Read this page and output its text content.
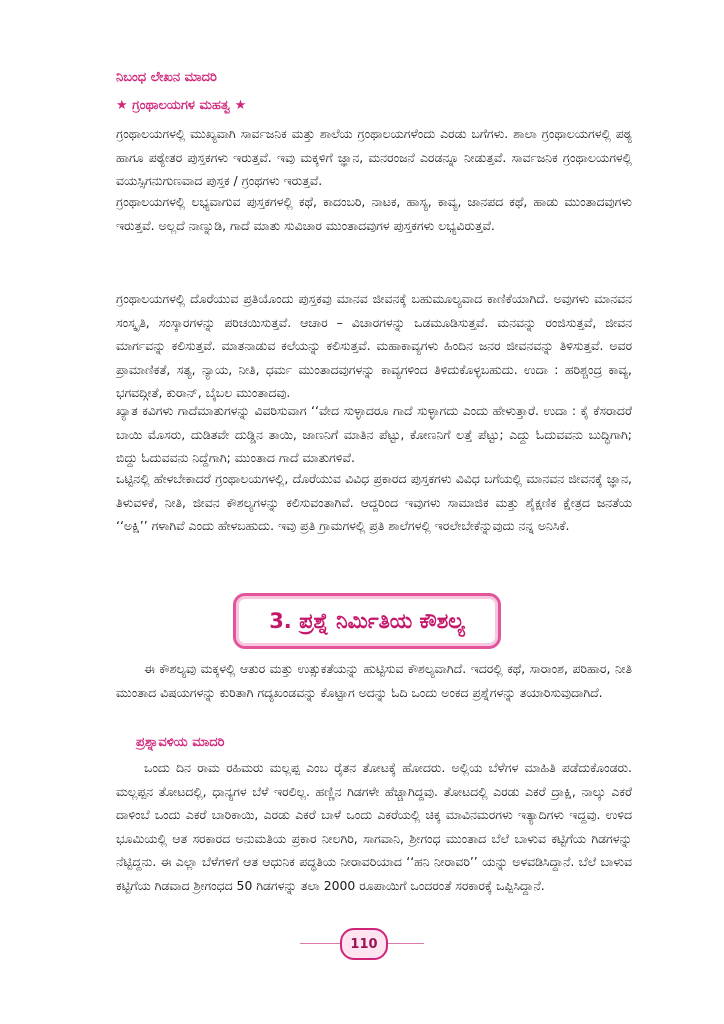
ನಿಬಂಧ ಲೇಖನ ಮಾದರಿ
★ ಗ್ರಂಥಾಲಯಗಳ ಮಹತ್ವ ★

ಗ್ರಂಥಾಲಯಗಳಲ್ಲಿ ಮುಖ್ಯವಾಗಿ ಸಾರ್ವಜನಿಕ ಮತ್ತು ಶಾಲೆಯ ಗ್ರಂಥಾಲಯಗಳೆಂದು ಎರಡು ಬಗೆಗಳು. ಶಾಲಾ ಗ್ರಂಥಾಲಯಗಳಲ್ಲಿ ಪಠ್ಯ ಹಾಗೂ ಪಠ್ಯೇತರ ಪುಸ್ತಕಗಳು ಇರುತ್ತವೆ. ಇವು ಮಕ್ಕಳಿಗೆ ಜ್ಞಾನ, ಮನರಂಜನೆ ಎರಡನ್ನೂ ನೀಡುತ್ತವೆ. ಸಾರ್ವಜನಿಕ ಗ್ರಂಥಾಲಯಗಳಲ್ಲಿ ವಯಸ್ಸಿಗನುಗುಣವಾದ ಪುಸ್ತಕ / ಗ್ರಂಥಗಳು ಇರುತ್ತವೆ.

ಗ್ರಂಥಾಲಯಗಳಲ್ಲಿ ಲಭ್ಯವಾಗುವ ಪುಸ್ತಕಗಳಲ್ಲಿ ಕಥೆ, ಕಾದಂಬರಿ, ನಾಟಕ, ಹಾಸ್ಯ, ಕಾವ್ಯ, ಜಾನಪದ ಕಥೆ, ಹಾಡು ಮುಂತಾದವುಗಳು ಇರುತ್ತವೆ. ಅಲ್ಲದೆ ನಾಣ್ನುಡಿ, ಗಾದೆ ಮಾತು ಸುವಿಚಾರ ಮುಂತಾದವುಗಳ ಪುಸ್ತಕಗಳು ಲಭ್ಯವಿರುತ್ತವೆ.

ಗ್ರಂಥಾಲಯಗಳಲ್ಲಿ ದೊರೆಯುವ ಪ್ರತಿಯೊಂದು ಪುಸ್ತಕವು ಮಾನವ ಜೀವನಕ್ಕೆ ಬಹುಮೂಲ್ಯವಾದ ಕಾಣಿಕೆಯಾಗಿದೆ. ಅವುಗಳು ಮಾನವನ ಸಂಸ್ಕೃತಿ, ಸಂಸ್ಕಾರಗಳನ್ನು ಪರಿಚಯಿಸುತ್ತವೆ. ಆಚಾರ – ವಿಚಾರಗಳನ್ನು ಒಡಮೂಡಿಸುತ್ತವೆ. ಮನವನ್ನು ರಂಜಿಸುತ್ತವೆ, ಜೀವನ ಮಾರ್ಗವನ್ನು ಕಲಿಸುತ್ತವೆ. ಮಾತನಾಡುವ ಕಲೆಯನ್ನು ಕಲಿಸುತ್ತವೆ. ಮಹಾಕಾವ್ಯಗಳು ಹಿಂದಿನ ಜನರ ಜೀವನವನ್ನು ತಿಳಿಸುತ್ತವೆ. ಅವರ ಪ್ರಾಮಾಣಿಕತೆ, ಸತ್ಯ, ನ್ಯಾಯ, ನೀತಿ, ಧರ್ಮ ಮುಂತಾದವುಗಳನ್ನು ಕಾವ್ಯಗಳಿಂದ ತಿಳಿದುಕೊಳ್ಳಬಹುದು. ಉದಾ : ಹರಿಶ್ಚಂದ್ರ ಕಾವ್ಯ, ಭಗವದ್ಗೀತೆ, ಕುರಾನ್, ಬೈಬಲ ಮುಂತಾದವು.

ಖ್ಯಾತ ಕವಿಗಳು ಗಾದೆಮಾತುಗಳನ್ನು ವಿವರಿಸುವಾಗ ‘‘ವೇದ ಸುಳ್ಳಾದರೂ ಗಾದೆ ಸುಳ್ಳಾಗದು ಎಂದು ಹೇಳುತ್ತಾರೆ. ಉದಾ : ಕೈ ಕೆಸರಾದರೆ ಬಾಯಿ ಮೊಸರು, ದುಡಿತವೇ ದುಡ್ಡಿನ ತಾಯಿ, ಜಾಣನಿಗೆ ಮಾತಿನ ಪೆಟ್ಟು, ಕೋಣನಿಗೆ ಲತ್ತೆ ಪೆಟ್ಟು; ಎದ್ದು ಓದುವವನು ಬುದ್ಧಿಗಾಗಿ; ಬಿದ್ದು ಓದುವವನು ನಿದ್ದೆಗಾಗಿ; ಮುಂತಾದ ಗಾದೆ ಮಾತುಗಳಿವೆ.

ಒಟ್ಟಿನಲ್ಲಿ ಹೇಳಬೇಕಾದರೆ ಗ್ರಂಥಾಲಯಗಳಲ್ಲಿ, ದೊರೆಯುವ ವಿವಿಧ ಪ್ರಕಾರದ ಪುಸ್ತಕಗಳು ವಿವಿಧ ಬಗೆಯಲ್ಲಿ ಮಾನವನ ಜೀವನಕ್ಕೆ ಜ್ಞಾನ, ತಿಳುವಳಿಕೆ, ನೀತಿ, ಜೀವನ ಕೌಶಲ್ಯಗಳನ್ನು ಕಲಿಸುವಂತಾಗಿವೆ. ಆದ್ದರಿಂದ ಇವುಗಳು ಸಾಮಾಜಿಕ ಮತ್ತು ಶೈಕ್ಷಣಿಕ ಕ್ಷೇತ್ರದ ಜನತೆಯ ‘‘ಅಕ್ಷಿ’’ ಗಳಾಗಿವೆ ಎಂದು ಹೇಳಬಹುದು. ಇವು ಪ್ರತಿ ಗ್ರಾಮಗಳಲ್ಲಿ ಪ್ರತಿ ಶಾಲೆಗಳಲ್ಲಿ ಇರಲೇಬೇಕೆನ್ನುವುದು ನನ್ನ ಅನಿಸಿಕೆ.

3. ಪ್ರಶ್ನೆ ನಿರ್ಮಿತಿಯ ಕೌಶಲ್ಯ

ಈ ಕೌಶಲ್ಯವು ಮಕ್ಕಳಲ್ಲಿ ಆತುರ ಮತ್ತು ಉತ್ಸುಕತೆಯನ್ನು ಹುಟ್ಟಿಸುವ ಕೌಶಲ್ಯವಾಗಿದೆ. ಇದರಲ್ಲಿ ಕಥೆ, ಸಾರಾಂಶ, ಪರಿಹಾರ, ನೀತಿ ಮುಂತಾದ ವಿಷಯಗಳನ್ನು ಕುರಿತಾಗಿ ಗದ್ಯಖಂಡವನ್ನು ಕೊಟ್ಟಾಗ ಅದನ್ನು ಓದಿ ಒಂದು ಅಂಕದ ಪ್ರಶ್ನೆಗಳನ್ನು ತಯಾರಿಸುವುದಾಗಿದೆ.

ಪ್ರಶ್ನಾವಳಿಯ ಮಾದರಿ

ಒಂದು ದಿನ ರಾಮ ರಹಿಮರು ಮಲ್ಲಪ್ಪ ಎಂಬ ರೈತನ ತೋಟಕ್ಕೆ ಹೋದರು. ಅಲ್ಲಿಯ ಬೆಳೆಗಳ ಮಾಹಿತಿ ಪಡೆದುಕೊಂಡರು. ಮಲ್ಲಪ್ಪನ ತೋಟದಲ್ಲಿ, ಧಾನ್ಯಗಳ ಬೆಳೆ ಇರಲಿಲ್ಲ. ಹಣ್ಣಿನ ಗಿಡಗಳೇ ಹೆಚ್ಚಾಗಿದ್ದವು. ತೋಟದಲ್ಲಿ ಎರಡು ಎಕರೆ ದ್ರಾಕ್ಷಿ, ನಾಲ್ಕು ಎಕರೆ ದಾಳಿಂಬೆ ಒಂದು ಎಕರೆ ಬಾರಿಕಾಯಿ, ಎರಡು ಎಕರೆ ಬಾಳೆ ಒಂದು ಎಕರೆಯಲ್ಲಿ ಚಿಕ್ಕ ಮಾವಿನಮರಗಳು ಇತ್ಯಾದಿಗಳು ಇದ್ದವು. ಉಳಿದ ಭೂಮಿಯಲ್ಲಿ ಆತ ಸರಕಾರದ ಅನುಮತಿಯ ಪ್ರಕಾರ ನೀಲಗಿರಿ, ಸಾಗವಾನಿ, ಶ್ರೀಗಂಧ ಮುಂತಾದ ಬೆಲೆ ಬಾಳುವ ಕಟ್ಟಿಗೆಯ ಗಿಡಗಳನ್ನು ನೆಟ್ಟಿದ್ದನು. ಈ ಎಲ್ಲಾ ಬೆಳೆಗಳಿಗೆ ಆತ ಆಧುನಿಕ ಪದ್ಧತಿಯ ನೀರಾವರಿಯಾದ ‘‘ಹನಿ ನೀರಾವರಿ’’ ಯನ್ನು ಅಳವಡಿಸಿದ್ದಾನೆ. ಬೆಲೆ ಬಾಳುವ ಕಟ್ಟಿಗೆಯ ಗಿಡವಾದ ಶ್ರೀಗಂಧದ 50 ಗಿಡಗಳನ್ನು ತಲಾ 2000 ರೂಪಾಯಿಗೆ ಒಂದರಂತೆ ಸರಕಾರಕ್ಕೆ ಒಪ್ಪಿಸಿದ್ದಾನೆ.

110
